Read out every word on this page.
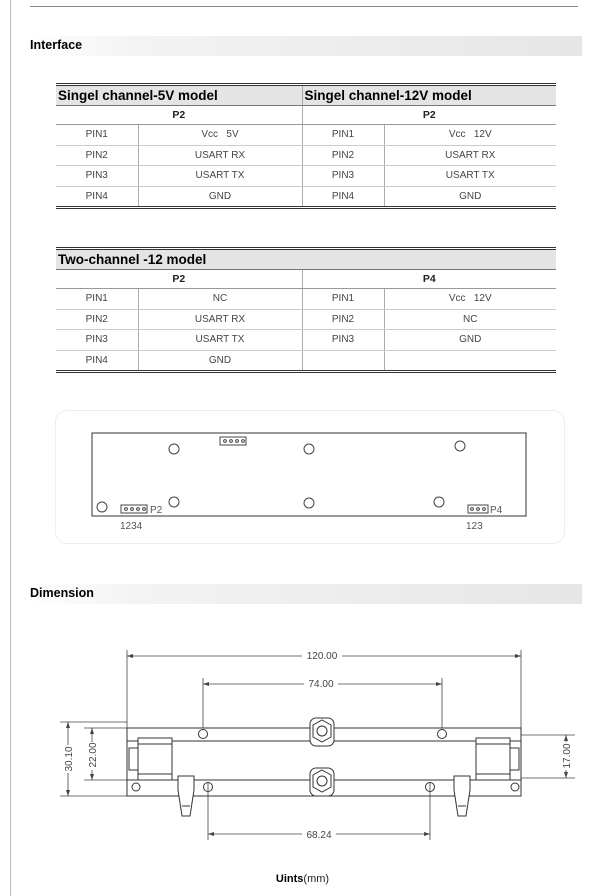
Interface
Singel channel-5V model		Singel channel-12V model	
P2		P2	
PIN1	Vcc   5V	PIN1	Vcc   12V
PIN2	USART RX	PIN2	USART RX
PIN3	USART TX	PIN3	USART TX
PIN4	GND	PIN4	GND
Two-channel -12 model			
P2		P4	
PIN1	NC	PIN1	Vcc   12V
PIN2	USART RX	PIN2	NC
PIN3	USART TX	PIN3	GND
PIN4	GND		
P2
1234
P4
123
Dimension
120.00
74.00
68.24
30.10 22.00	17.00
Uints(mm)
